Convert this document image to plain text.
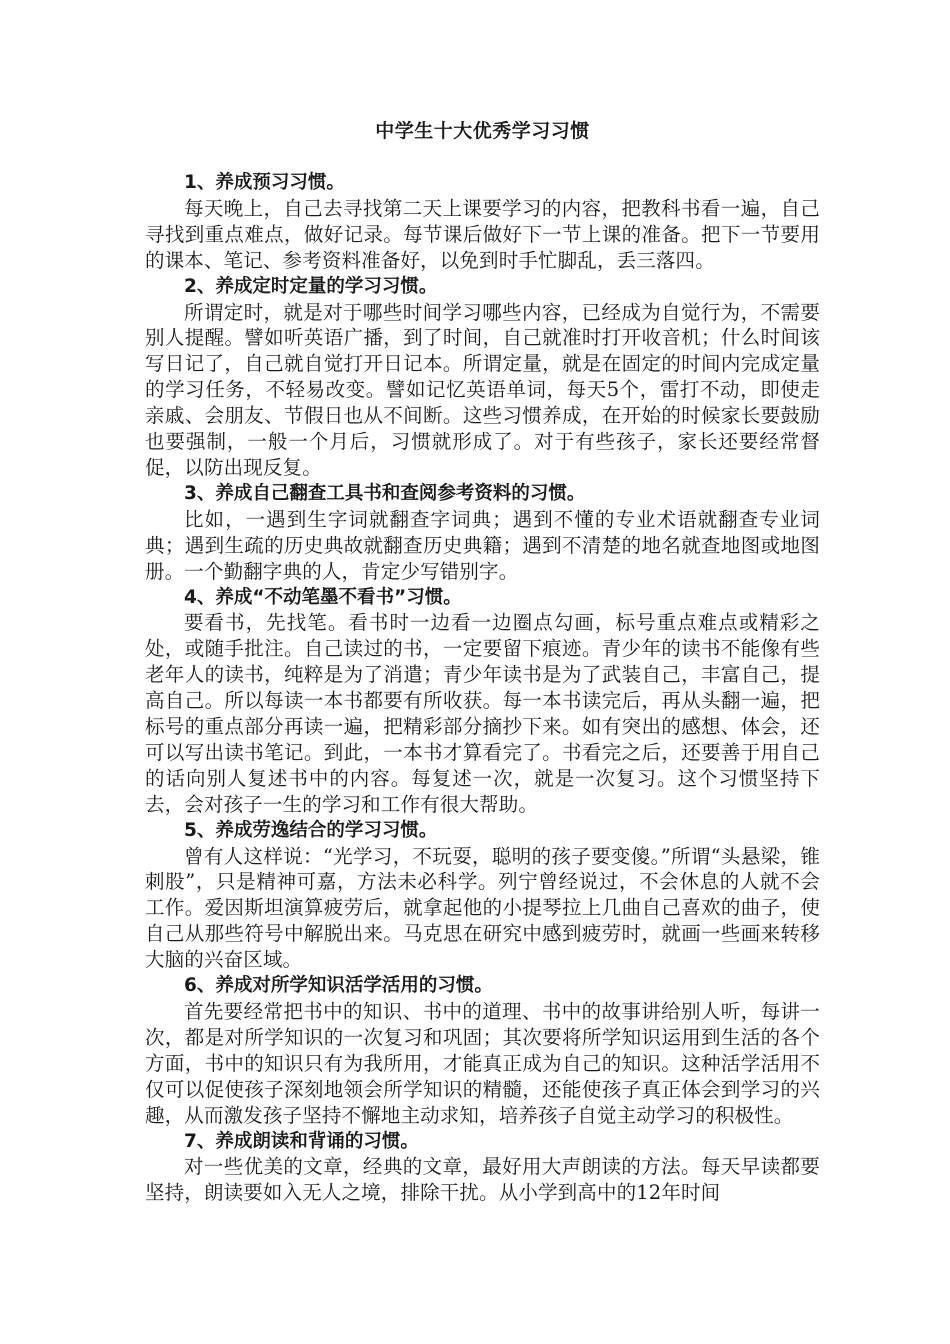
中学生十大优秀学习习惯

1、养成预习习惯。

每天晚上，自己去寻找第二天上课要学习的内容，把教科书看一遍，自己寻找到重点难点，做好记录。每节课后做好下一节上课的准备。把下一节要用的课本、笔记、参考资料准备好，以免到时手忙脚乱，丢三落四。

2、养成定时定量的学习习惯。

所谓定时，就是对于哪些时间学习哪些内容，已经成为自觉行为，不需要别人提醒。譬如听英语广播，到了时间，自己就准时打开收音机；什么时间该写日记了，自己就自觉打开日记本。所谓定量，就是在固定的时间内完成定量的学习任务，不轻易改变。譬如记忆英语单词，每天5个，雷打不动，即使走亲戚、会朋友、节假日也从不间断。这些习惯养成，在开始的时候家长要鼓励也要强制，一般一个月后，习惯就形成了。对于有些孩子，家长还要经常督促，以防出现反复。

3、养成自己翻查工具书和查阅参考资料的习惯。

比如，一遇到生字词就翻查字词典；遇到不懂的专业术语就翻查专业词典；遇到生疏的历史典故就翻查历史典籍；遇到不清楚的地名就查地图或地图册。一个勤翻字典的人，肯定少写错别字。

4、养成“不动笔墨不看书”习惯。

要看书，先找笔。看书时一边看一边圈点勾画，标号重点难点或精彩之处，或随手批注。自己读过的书，一定要留下痕迹。青少年的读书不能像有些老年人的读书，纯粹是为了消遣；青少年读书是为了武装自己，丰富自己，提高自己。所以每读一本书都要有所收获。每一本书读完后，再从头翻一遍，把标号的重点部分再读一遍，把精彩部分摘抄下来。如有突出的感想、体会，还可以写出读书笔记。到此，一本书才算看完了。书看完之后，还要善于用自己的话向别人复述书中的内容。每复述一次，就是一次复习。这个习惯坚持下去，会对孩子一生的学习和工作有很大帮助。

5、养成劳逸结合的学习习惯。

曾有人这样说：“光学习，不玩耍，聪明的孩子要变傻。”所谓“头悬梁，锥刺股”，只是精神可嘉，方法未必科学。列宁曾经说过，不会休息的人就不会工作。爱因斯坦演算疲劳后，就拿起他的小提琴拉上几曲自己喜欢的曲子，使自己从那些符号中解脱出来。马克思在研究中感到疲劳时，就画一些画来转移大脑的兴奋区域。

6、养成对所学知识活学活用的习惯。

首先要经常把书中的知识、书中的道理、书中的故事讲给别人听，每讲一次，都是对所学知识的一次复习和巩固；其次要将所学知识运用到生活的各个方面，书中的知识只有为我所用，才能真正成为自己的知识。这种活学活用不仅可以促使孩子深刻地领会所学知识的精髓，还能使孩子真正体会到学习的兴趣，从而激发孩子坚持不懈地主动求知，培养孩子自觉主动学习的积极性。

7、养成朗读和背诵的习惯。

对一些优美的文章，经典的文章，最好用大声朗读的方法。每天早读都要坚持，朗读要如入无人之境，排除干扰。从小学到高中的12年时间
